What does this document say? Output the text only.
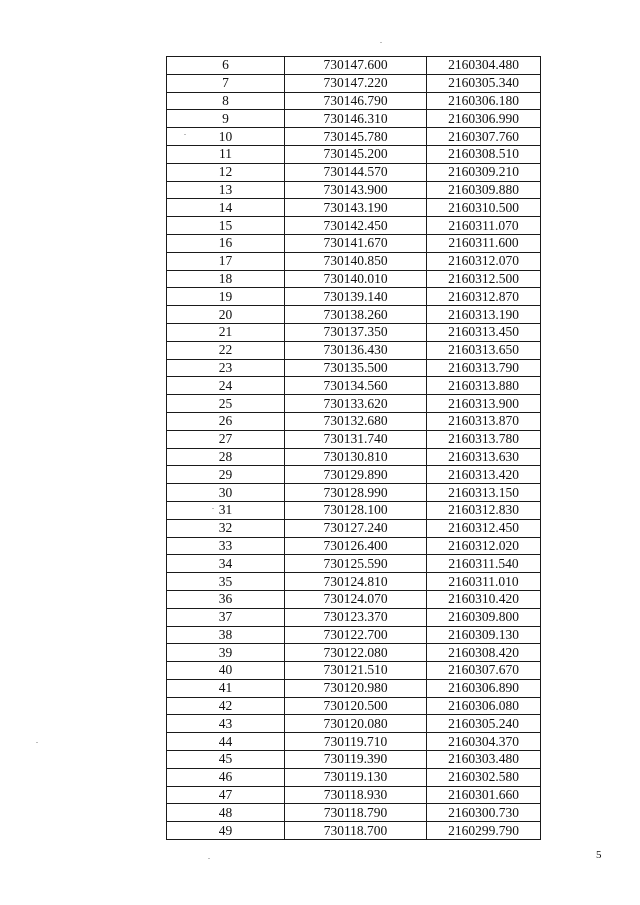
6	730147.600	2160304.480
7	730147.220	2160305.340
8	730146.790	2160306.180
9	730146.310	2160306.990
10	730145.780	2160307.760
11	730145.200	2160308.510
12	730144.570	2160309.210
13	730143.900	2160309.880
14	730143.190	2160310.500
15	730142.450	2160311.070
16	730141.670	2160311.600
17	730140.850	2160312.070
18	730140.010	2160312.500
19	730139.140	2160312.870
20	730138.260	2160313.190
21	730137.350	2160313.450
22	730136.430	2160313.650
23	730135.500	2160313.790
24	730134.560	2160313.880
25	730133.620	2160313.900
26	730132.680	2160313.870
27	730131.740	2160313.780
28	730130.810	2160313.630
29	730129.890	2160313.420
30	730128.990	2160313.150
31	730128.100	2160312.830
32	730127.240	2160312.450
33	730126.400	2160312.020
34	730125.590	2160311.540
35	730124.810	2160311.010
36	730124.070	2160310.420
37	730123.370	2160309.800
38	730122.700	2160309.130
39	730122.080	2160308.420
40	730121.510	2160307.670
41	730120.980	2160306.890
42	730120.500	2160306.080
43	730120.080	2160305.240
44	730119.710	2160304.370
45	730119.390	2160303.480
46	730119.130	2160302.580
47	730118.930	2160301.660
48	730118.790	2160300.730
49	730118.700	2160299.790
5
